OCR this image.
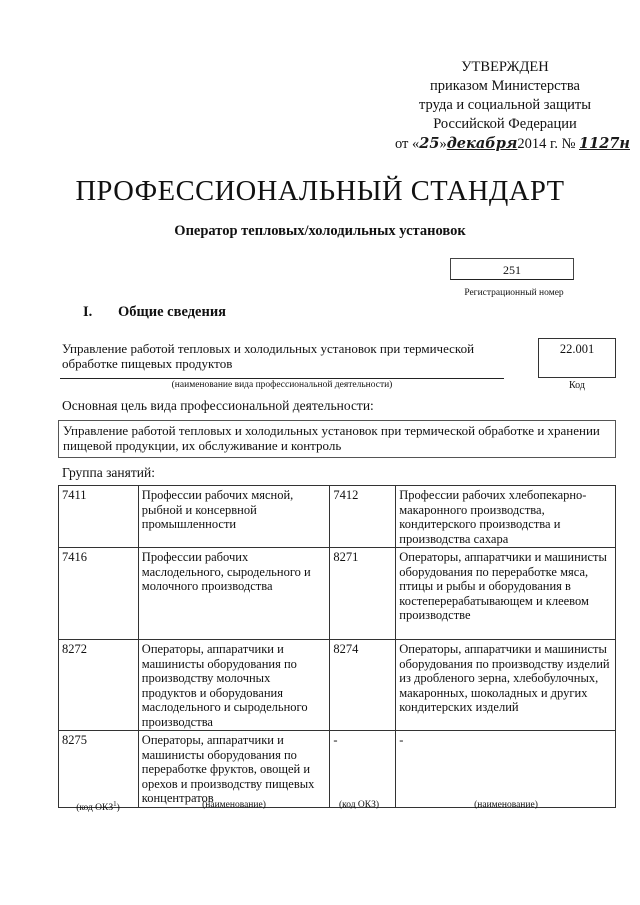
УТВЕРЖДЕН
приказом Министерства
труда и социальной защиты
Российской Федерации
от «25»декабря2014 г. № 1127н
ПРОФЕССИОНАЛЬНЫЙ СТАНДАРТ
Оператор тепловых/холодильных установок
251
Регистрационный номер
I. Общие сведения
Управление работой тепловых и холодильных установок при термической обработке пищевых продуктов
(наименование вида профессиональной деятельности)
22.001
Код
Основная цель вида профессиональной деятельности:
Управление работой тепловых и холодильных установок при термической обработке и хранении пищевой продукции, их обслуживание и контроль
Группа занятий:
7411	Профессии рабочих мясной, рыбной и консервной промышленности	7412	Профессии рабочих хлебопекарно-макаронного производства, кондитерского производства и производства сахара
7416	Профессии рабочих маслодельного, сыродельного и молочного производства	8271	Операторы, аппаратчики и машинисты оборудования по переработке мяса, птицы и рыбы и оборудования в костеперерабатывающем и клеевом производстве
8272	Операторы, аппаратчики и машинисты оборудования по производству молочных продуктов и оборудования маслодельного и сыродельного производства	8274	Операторы, аппаратчики и машинисты оборудования по производству изделий из дробленого зерна, хлебобулочных, макаронных, шоколадных и других кондитерских изделий
8275	Операторы, аппаратчики и машинисты оборудования по переработке фруктов, овощей и орехов и производству пищевых концентратов	-	-
(код ОКЗ$^1$)	(наименование)	(код ОКЗ)	(наименование)
